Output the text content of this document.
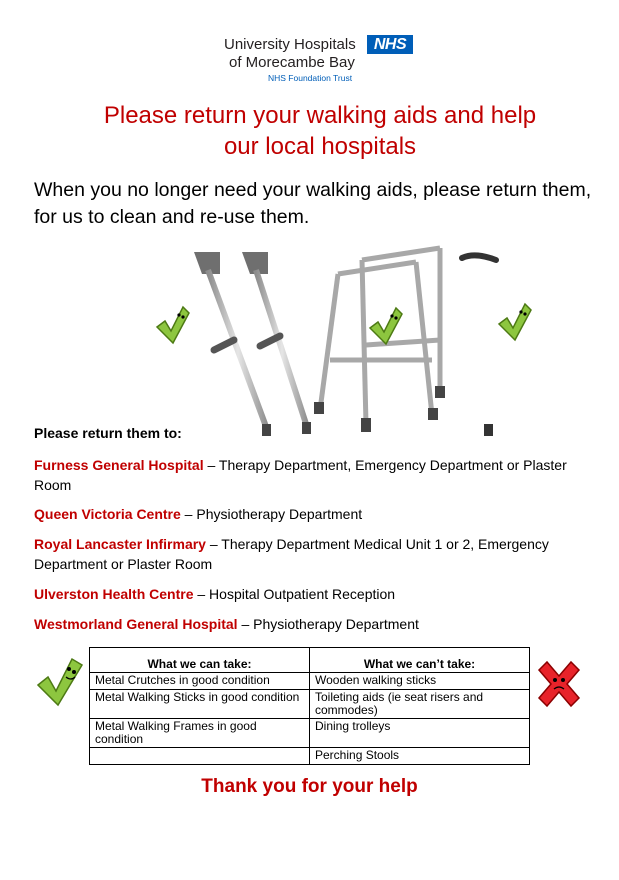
University Hospitals	NHS
of Morecambe Bay
NHS Foundation Trust
Please return your walking aids and help
our local hospitals
When you no longer need your walking aids, please return them, for us to clean and re-use them.
Please return them to:
Furness General Hospital – Therapy Department, Emergency Department or Plaster Room
Queen Victoria Centre – Physiotherapy Department
Royal Lancaster Infirmary – Therapy Department Medical Unit 1 or 2, Emergency Department or Plaster Room
Ulverston Health Centre – Hospital Outpatient Reception
Westmorland General Hospital – Physiotherapy Department
What we can take:	What we can’t take:
Metal Crutches in good condition	Wooden walking sticks
Metal Walking Sticks in good condition	Toileting aids (ie seat risers and commodes)
Metal Walking Frames in good condition	Dining trolleys
	Perching Stools
Thank you for your help
